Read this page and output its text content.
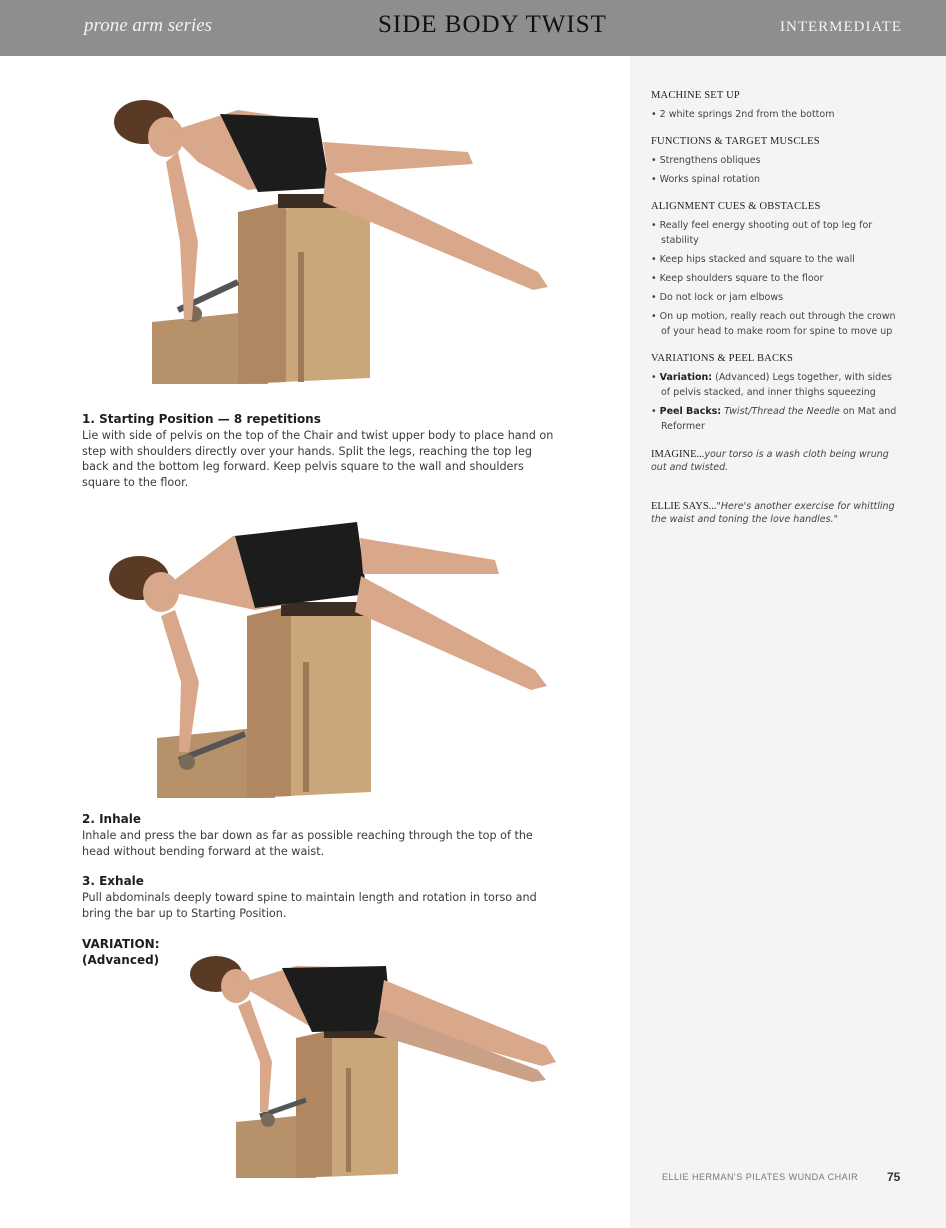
prone arm series	SIDE BODY TWIST	INTERMEDIATE
MACHINE SET UP
• 2 white springs 2nd from the bottom
FUNCTIONS & TARGET MUSCLES
• Strengthens obliques
• Works spinal rotation
ALIGNMENT CUES & OBSTACLES
• Really feel energy shooting out of top leg for stability
• Keep hips stacked and square to the wall
• Keep shoulders square to the floor
• Do not lock or jam elbows
• On up motion, really reach out through the crown of your head to make room for spine to move up
VARIATIONS & PEEL BACKS
• Variation: (Advanced) Legs together, with sides of pelvis stacked, and inner thighs squeezing
• Peel Backs: Twist/Thread the Needle on Mat and Reformer
IMAGINE...your torso is a wash cloth being wrung out and twisted.
ELLIE SAYS..."Here's another exercise for whittling the waist and toning the love handles."
1. Starting Position — 8 repetitions

Lie with side of pelvis on the top of the Chair and twist upper body to place hand on step with shoulders directly over your hands. Split the legs, reaching the top leg back and the bottom leg forward. Keep pelvis square to the wall and shoulders square to the floor.

2. Inhale

Inhale and press the bar down as far as possible reaching through the top of the head without bending forward at the waist.

3. Exhale

Pull abdominals deeply toward spine to maintain length and rotation in torso and bring the bar up to Starting Position.

VARIATION:
(Advanced)
ELLIE HERMAN'S PILATES WUNDA CHAIR 75
